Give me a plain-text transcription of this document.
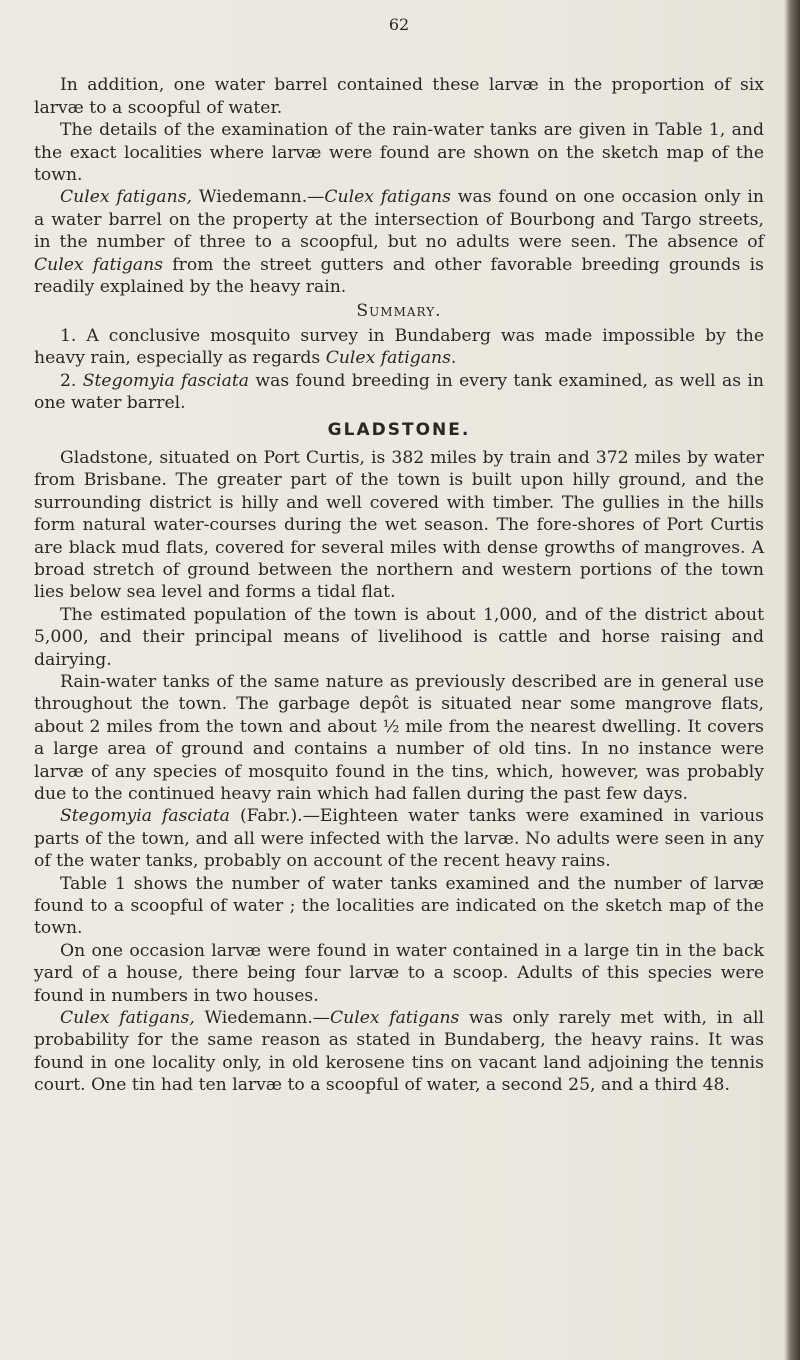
62

In addition, one water barrel contained these larvæ in the proportion of six larvæ to a scoopful of water.

The details of the examination of the rain-water tanks are given in Table 1, and the exact localities where larvæ were found are shown on the sketch map of the town.

Culex fatigans, Wiedemann.—Culex fatigans was found on one occasion only in a water barrel on the property at the intersection of Bourbong and Targo streets, in the number of three to a scoopful, but no adults were seen. The absence of Culex fatigans from the street gutters and other favorable breeding grounds is readily explained by the heavy rain.

Summary.

1. A conclusive mosquito survey in Bundaberg was made impossible by the heavy rain, especially as regards Culex fatigans.

2. Stegomyia fasciata was found breeding in every tank examined, as well as in one water barrel.

GLADSTONE.

Gladstone, situated on Port Curtis, is 382 miles by train and 372 miles by water from Brisbane. The greater part of the town is built upon hilly ground, and the surrounding district is hilly and well covered with timber. The gullies in the hills form natural water-courses during the wet season. The fore-shores of Port Curtis are black mud flats, covered for several miles with dense growths of mangroves. A broad stretch of ground between the northern and western portions of the town lies below sea level and forms a tidal flat.

The estimated population of the town is about 1,000, and of the district about 5,000, and their principal means of livelihood is cattle and horse raising and dairying.

Rain-water tanks of the same nature as previously described are in general use throughout the town. The garbage depôt is situated near some mangrove flats, about 2 miles from the town and about ½ mile from the nearest dwelling. It covers a large area of ground and contains a number of old tins. In no instance were larvæ of any species of mosquito found in the tins, which, however, was probably due to the continued heavy rain which had fallen during the past few days.

Stegomyia fasciata (Fabr.).—Eighteen water tanks were examined in various parts of the town, and all were infected with the larvæ. No adults were seen in any of the water tanks, probably on account of the recent heavy rains.

Table 1 shows the number of water tanks examined and the number of larvæ found to a scoopful of water ; the localities are indicated on the sketch map of the town.

On one occasion larvæ were found in water contained in a large tin in the back yard of a house, there being four larvæ to a scoop. Adults of this species were found in numbers in two houses.

Culex fatigans, Wiedemann.—Culex fatigans was only rarely met with, in all probability for the same reason as stated in Bundaberg, the heavy rains. It was found in one locality only, in old kerosene tins on vacant land adjoining the tennis court. One tin had ten larvæ to a scoopful of water, a second 25, and a third 48.
